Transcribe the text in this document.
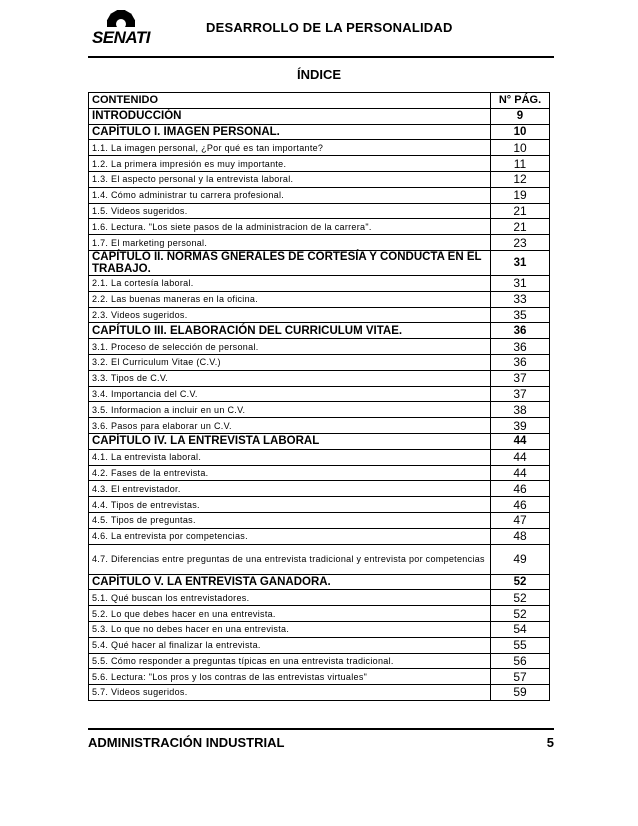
SENATI
DESARROLLO DE LA PERSONALIDAD
ÍNDICE
CONTENIDO	N° PÁG.
INTRODUCCIÓN	9
CAPÍTULO I. IMAGEN PERSONAL.	10
1.1. La imagen personal, ¿Por qué es tan importante?	10
1.2. La primera impresión es muy importante.	11
1.3. El aspecto personal y la entrevista laboral.	12
1.4. Cómo administrar tu carrera profesional.	19
1.5. Videos sugeridos.	21
1.6. Lectura. "Los siete pasos de la administracion de la carrera".	21
1.7. El marketing personal.	23
CAPÍTULO II. NORMAS GNERALES DE CORTESÍA Y CONDUCTA EN EL TRABAJO.	31
2.1. La cortesía laboral.	31
2.2. Las buenas maneras en la oficina.	33
2.3. Videos sugeridos.	35
CAPÍTULO III. ELABORACIÓN DEL CURRICULUM VITAE.	36
3.1. Proceso de selección de personal.	36
3.2. El Curriculum Vitae (C.V.)	36
3.3. Tipos de C.V.	37
3.4. Importancia del C.V.	37
3.5. Informacion a incluir en un C.V.	38
3.6. Pasos para elaborar un C.V.	39
CAPÍTULO IV. LA ENTREVISTA LABORAL	44
4.1. La entrevista laboral.	44
4.2. Fases de la entrevista.	44
4.3. El entrevistador.	46
4.4. Tipos de entrevistas.	46
4.5. Tipos de preguntas.	47
4.6. La entrevista por competencias.	48
4.7. Diferencias entre preguntas de una entrevista tradicional y entrevista por competencias	49
CAPÍTULO V. LA ENTREVISTA GANADORA.	52
5.1. Qué buscan los entrevistadores.	52
5.2. Lo que debes hacer en una entrevista.	52
5.3. Lo que no debes hacer en una entrevista.	54
5.4. Qué hacer al finalizar la entrevista.	55
5.5. Cómo responder a preguntas típicas en una entrevista tradicional.	56
5.6. Lectura: "Los pros y los contras de las entrevistas virtuales"	57
5.7. Videos sugeridos.	59
ADMINISTRACIÓN INDUSTRIAL	5
